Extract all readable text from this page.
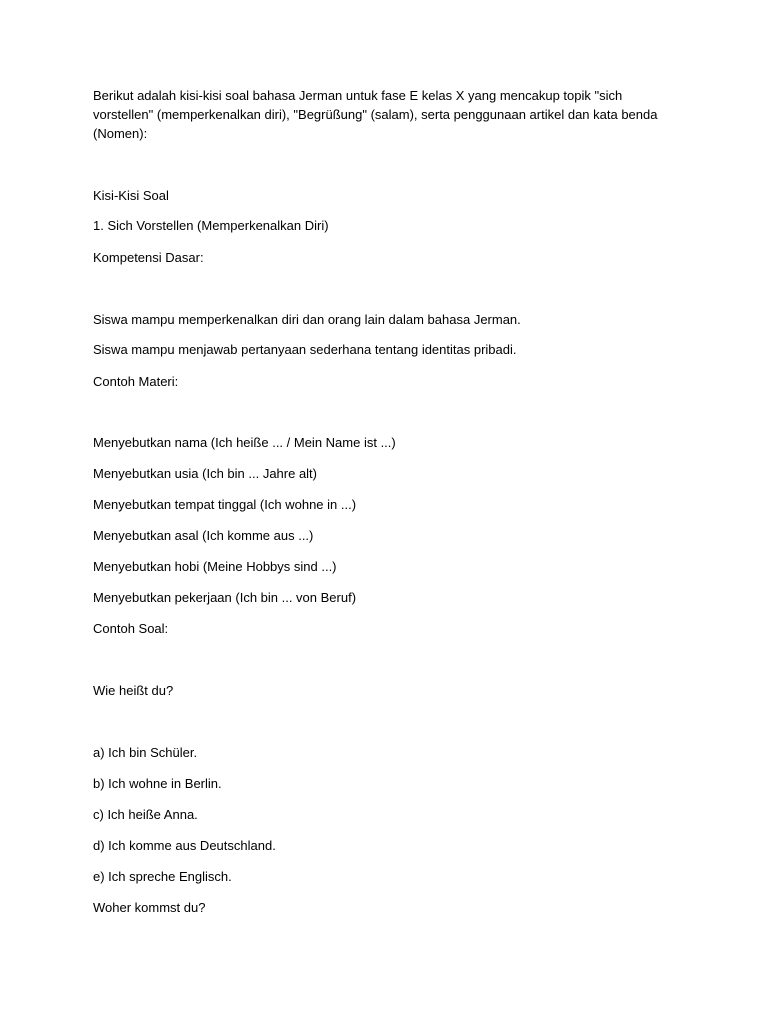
Berikut adalah kisi-kisi soal bahasa Jerman untuk fase E kelas X yang mencakup topik "sich vorstellen" (memperkenalkan diri), "Begrüßung" (salam), serta penggunaan artikel dan kata benda (Nomen):
Kisi-Kisi Soal
1. Sich Vorstellen (Memperkenalkan Diri)
Kompetensi Dasar:
Siswa mampu memperkenalkan diri dan orang lain dalam bahasa Jerman.
Siswa mampu menjawab pertanyaan sederhana tentang identitas pribadi.
Contoh Materi:
Menyebutkan nama (Ich heiße ... / Mein Name ist ...)
Menyebutkan usia (Ich bin ... Jahre alt)
Menyebutkan tempat tinggal (Ich wohne in ...)
Menyebutkan asal (Ich komme aus ...)
Menyebutkan hobi (Meine Hobbys sind ...)
Menyebutkan pekerjaan (Ich bin ... von Beruf)
Contoh Soal:
Wie heißt du?
a) Ich bin Schüler.
b) Ich wohne in Berlin.
c) Ich heiße Anna.
d) Ich komme aus Deutschland.
e) Ich spreche Englisch.
Woher kommst du?
